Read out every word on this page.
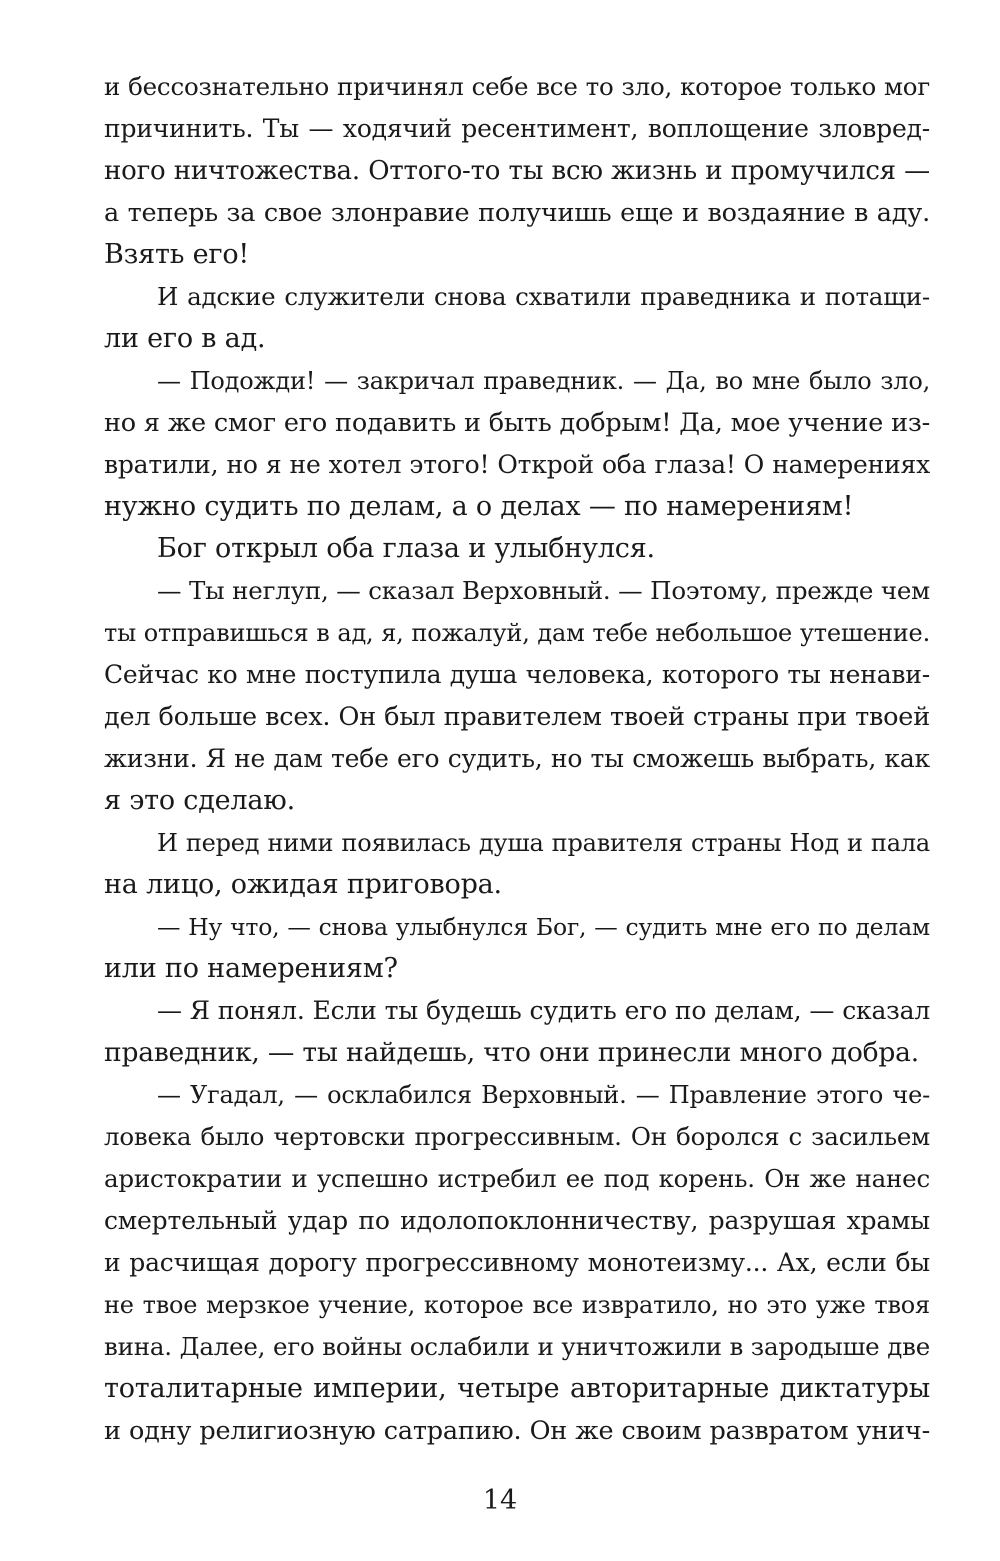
и бессознательно причинял себе все то зло, которое только мог
причинить. Ты — ходячий ресентимент, воплощение зловред-
ного ничтожества. Оттого-то ты всю жизнь и промучился —
а теперь за свое злонравие получишь еще и воздаяние в аду.
Взять его!
И адские служители снова схватили праведника и потащи-
ли его в ад.
— Подожди! — закричал праведник. — Да, во мне было зло,
но я же смог его подавить и быть добрым! Да, мое учение из-
вратили, но я не хотел этого! Открой оба глаза! О намерениях
нужно судить по делам, а о делах — по намерениям!
Бог открыл оба глаза и улыбнулся.
— Ты неглуп, — сказал Верховный. — Поэтому, прежде чем
ты отправишься в ад, я, пожалуй, дам тебе небольшое утешение.
Сейчас ко мне поступила душа человека, которого ты ненави-
дел больше всех. Он был правителем твоей страны при твоей
жизни. Я не дам тебе его судить, но ты сможешь выбрать, как
я это сделаю.
И перед ними появилась душа правителя страны Нод и пала
на лицо, ожидая приговора.
— Ну что, — снова улыбнулся Бог, — судить мне его по делам
или по намерениям?
— Я понял. Если ты будешь судить его по делам, — сказал
праведник, — ты найдешь, что они принесли много добра.
— Угадал, — осклабился Верховный. — Правление этого че-
ловека было чертовски прогрессивным. Он боролся с засильем
аристократии и успешно истребил ее под корень. Он же нанес
смертельный удар по идолопоклонничеству, разрушая храмы
и расчищая дорогу прогрессивному монотеизму... Ах, если бы
не твое мерзкое учение, которое все извратило, но это уже твоя
вина. Далее, его войны ослабили и уничтожили в зародыше две
тоталитарные империи, четыре авторитарные диктатуры
и одну религиозную сатрапию. Он же своим развратом унич-
14
